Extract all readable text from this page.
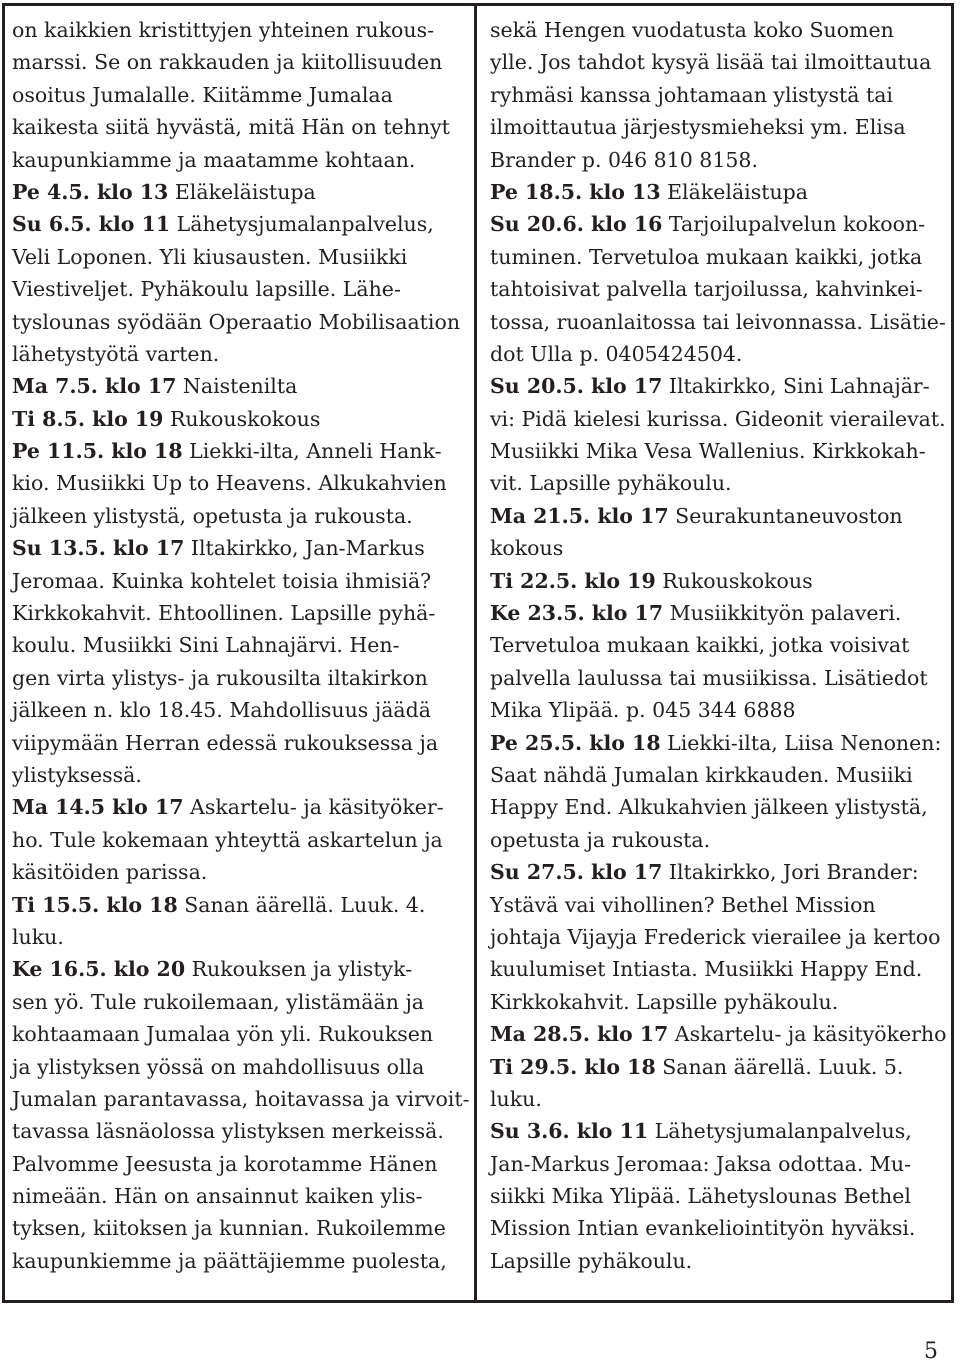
on kaikkien kristittyjen yhteinen rukous-
marssi. Se on rakkauden ja kiitollisuuden
osoitus Jumalalle. Kiitämme Jumalaa
kaikesta siitä hyvästä, mitä Hän on tehnyt
kaupunkiamme ja maatamme kohtaan.
Pe 4.5. klo 13 Eläkeläistupa
Su 6.5. klo 11 Lähetysjumalanpalvelus,
Veli Loponen. Yli kiusausten. Musiikki
Viestiveljet. Pyhäkoulu lapsille. Lähe-
tyslounas syödään Operaatio Mobilisaation
lähetystyötä varten.
Ma 7.5. klo 17 Naistenilta
Ti 8.5. klo 19 Rukouskokous
Pe 11.5. klo 18 Liekki-ilta, Anneli Hank-
kio. Musiikki Up to Heavens. Alkukahvien
jälkeen ylistystä, opetusta ja rukousta.
Su 13.5. klo 17 Iltakirkko, Jan-Markus
Jeromaa. Kuinka kohtelet toisia ihmisiä?
Kirkkokahvit. Ehtoollinen. Lapsille pyhä-
koulu. Musiikki Sini Lahnajärvi. Hen-
gen virta ylistys- ja rukousilta iltakirkon
jälkeen n. klo 18.45. Mahdollisuus jäädä
viipymään Herran edessä rukouksessa ja
ylistyksessä.
Ma 14.5 klo 17 Askartelu- ja käsityöker-
ho. Tule kokemaan yhteyttä askartelun ja
käsitöiden parissa.
Ti 15.5. klo 18 Sanan äärellä. Luuk. 4.
luku.
Ke 16.5. klo 20 Rukouksen ja ylistyk-
sen yö. Tule rukoilemaan, ylistämään ja
kohtaamaan Jumalaa yön yli. Rukouksen
ja ylistyksen yössä on mahdollisuus olla
Jumalan parantavassa, hoitavassa ja virvoit-
tavassa läsnäolossa ylistyksen merkeissä.
Palvomme Jeesusta ja korotamme Hänen
nimeään. Hän on ansainnut kaiken ylis-
tyksen, kiitoksen ja kunnian. Rukoilemme
kaupunkiemme ja päättäjiemme puolesta,
sekä Hengen vuodatusta koko Suomen
ylle. Jos tahdot kysyä lisää tai ilmoittautua
ryhmäsi kanssa johtamaan ylistystä tai
ilmoittautua järjestysmieheksi ym. Elisa
Brander p. 046 810 8158.
Pe 18.5. klo 13 Eläkeläistupa
Su 20.6. klo 16 Tarjoilupalvelun kokoon-
tuminen. Tervetuloa mukaan kaikki, jotka
tahtoisivat palvella tarjoilussa, kahvinkei-
tossa, ruoanlaitossa tai leivonnassa. Lisätie-
dot Ulla p. 0405424504.
Su 20.5. klo 17 Iltakirkko, Sini Lahnajär-
vi: Pidä kielesi kurissa. Gideonit vierailevat.
Musiikki Mika Vesa Wallenius. Kirkkokah-
vit. Lapsille pyhäkoulu.
Ma 21.5. klo 17 Seurakuntaneuvoston
kokous
Ti 22.5. klo 19 Rukouskokous
Ke 23.5. klo 17 Musiikkityön palaveri.
Tervetuloa mukaan kaikki, jotka voisivat
palvella laulussa tai musiikissa. Lisätiedot
Mika Ylipää. p. 045 344 6888
Pe 25.5. klo 18 Liekki-ilta, Liisa Nenonen:
Saat nähdä Jumalan kirkkauden. Musiiki
Happy End. Alkukahvien jälkeen ylistystä,
opetusta ja rukousta.
Su 27.5. klo 17 Iltakirkko, Jori Brander:
Ystävä vai vihollinen? Bethel Mission
johtaja Vijayja Frederick vierailee ja kertoo
kuulumiset Intiasta. Musiikki Happy End.
Kirkkokahvit. Lapsille pyhäkoulu.
Ma 28.5. klo 17 Askartelu- ja käsityökerho
Ti 29.5. klo 18 Sanan äärellä. Luuk. 5.
luku.
Su 3.6. klo 11 Lähetysjumalanpalvelus,
Jan-Markus Jeromaa: Jaksa odottaa. Mu-
siikki Mika Ylipää. Lähetyslounas Bethel
Mission Intian evankeliointityön hyväksi.
Lapsille pyhäkoulu.
5
